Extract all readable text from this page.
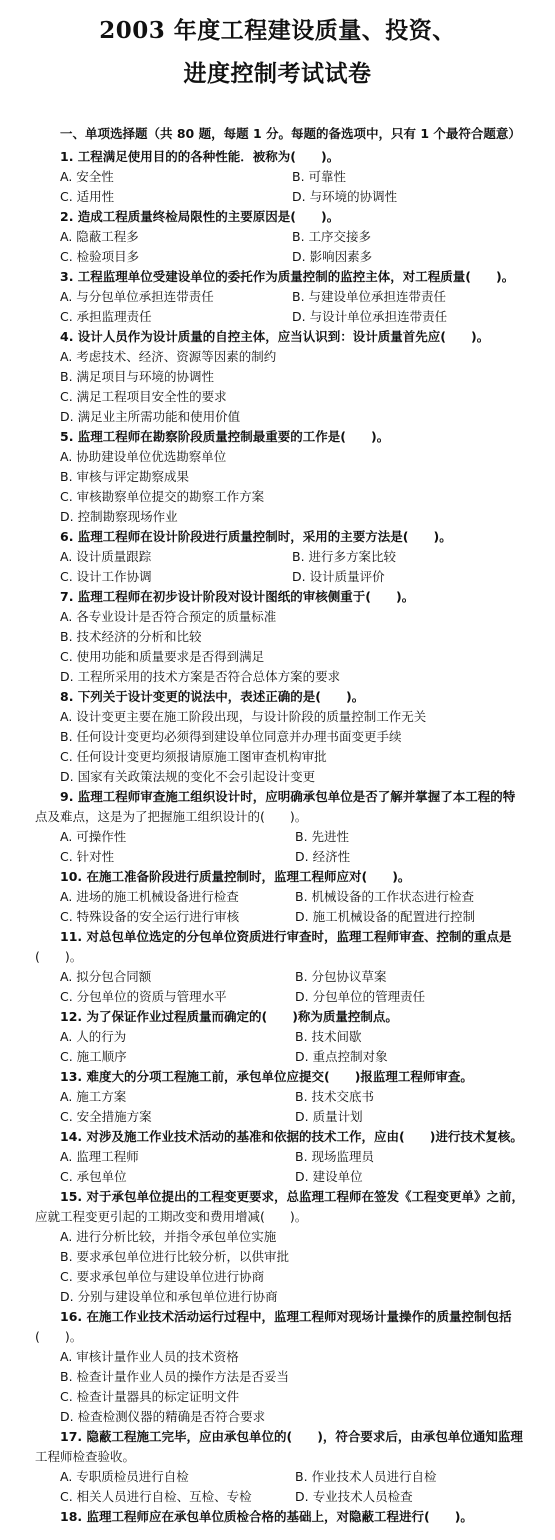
2003 年度工程建设质量、投资、
进度控制考试试卷
一、单项选择题（共 80 题，每题 1 分。每题的备选项中，只有 1 个最符合题意）
1. 工程满足使用目的的各种性能．被称为(　　)。
A. 安全性	B. 可靠性
C. 适用性	D. 与环境的协调性
2. 造成工程质量终检局限性的主要原因是(　　)。
A. 隐蔽工程多	B. 工序交接多
C. 检验项目多	D. 影响因素多
3. 工程监理单位受建设单位的委托作为质量控制的监控主体，对工程质量(　　)。
A. 与分包单位承担连带责任	B. 与建设单位承担连带责任
C. 承担监理责任	D. 与设计单位承担连带责任
4. 设计人员作为设计质量的自控主体，应当认识到：设计质量首先应(　　)。
A. 考虑技术、经济、资源等因素的制约
B. 满足项目与环境的协调性
C. 满足工程项目安全性的要求
D. 满足业主所需功能和使用价值
5. 监理工程师在勘察阶段质量控制最重要的工作是(　　)。
A. 协助建设单位优选勘察单位
B. 审核与评定勘察成果
C. 审核勘察单位提交的勘察工作方案
D. 控制勘察现场作业
6. 监理工程师在设计阶段进行质量控制时，采用的主要方法是(　　)。
A. 设计质量跟踪	B. 进行多方案比较
C. 设计工作协调	D. 设计质量评价
7. 监理工程师在初步设计阶段对设计图纸的审核侧重于(　　)。
A. 各专业设计是否符合预定的质量标准
B. 技术经济的分析和比较
C. 使用功能和质量要求是否得到满足
D. 工程所采用的技术方案是否符合总体方案的要求
8. 下列关于设计变更的说法中，表述正确的是(　　)。
A. 设计变更主要在施工阶段出现，与设计阶段的质量控制工作无关
B. 任何设计变更均必须得到建设单位同意并办理书面变更手续
C. 任何设计变更均须报请原施工图审查机构审批
D. 国家有关政策法规的变化不会引起设计变更
9. 监理工程师审查施工组织设计时，应明确承包单位是否了解并掌握了本工程的特
点及难点，这是为了把握施工组织设计的(　　)。
A. 可操作性	B. 先进性
C. 针对性	D. 经济性
10. 在施工准备阶段进行质量控制时，监理工程师应对(　　)。
A. 进场的施工机械设备进行检查	B. 机械设备的工作状态进行检查
C. 特殊设备的安全运行进行审核	D. 施工机械设备的配置进行控制
11. 对总包单位选定的分包单位资质进行审查时，监理工程师审查、控制的重点是
(　　)。
A. 拟分包合同额	B. 分包协议草案
C. 分包单位的资质与管理水平	D. 分包单位的管理责任
12. 为了保证作业过程质量而确定的(　　)称为质量控制点。
A. 人的行为	B. 技术间歇
C. 施工顺序	D. 重点控制对象
13. 难度大的分项工程施工前，承包单位应提交(　　)报监理工程师审查。
A. 施工方案	B. 技术交底书
C. 安全措施方案	D. 质量计划
14. 对涉及施工作业技术活动的基准和依据的技术工作，应由(　　)进行技术复核。
A. 监理工程师	B. 现场监理员
C. 承包单位	D. 建设单位
15. 对于承包单位提出的工程变更要求，总监理工程师在签发《工程变更单》之前，
应就工程变更引起的工期改变和费用增减(　　)。
A. 进行分析比较，并指令承包单位实施
B. 要求承包单位进行比较分析，以供审批
C. 要求承包单位与建设单位进行协商
D. 分别与建设单位和承包单位进行协商
16. 在施工作业技术活动运行过程中，监理工程师对现场计量操作的质量控制包括
(　　)。
A. 审核计量作业人员的技术资格
B. 检查计量作业人员的操作方法是否妥当
C. 检查计量器具的标定证明文件
D. 检查检测仪器的精确是否符合要求
17. 隐蔽工程施工完毕，应由承包单位的(　　)，符合要求后，由承包单位通知监理
工程师检查验收。
A. 专职质检员进行自检	B. 作业技术人员进行自检
C. 相关人员进行自检、互检、专检	D. 专业技术人员检查
18. 监理工程师应在承包单位质检合格的基础上，对隐蔽工程进行(　　)。
